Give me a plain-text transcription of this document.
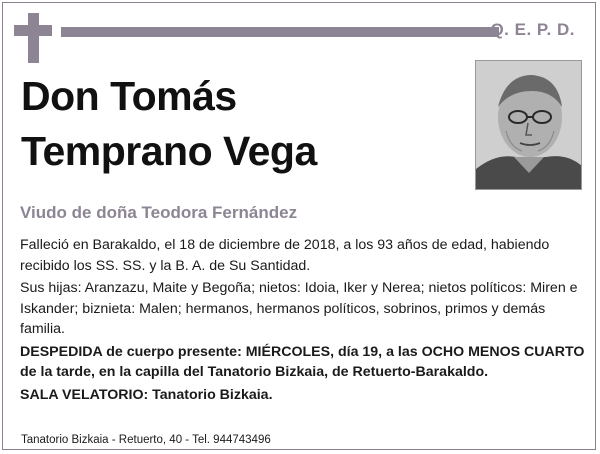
Q. E. P. D.
Don Tomás
Temprano Vega
Viudo de doña Teodora Fernández

Falleció en Barakaldo, el 18 de diciembre de 2018, a los 93 años de edad, habiendo recibido los SS. SS. y la B. A. de Su Santidad.

Sus hijas: Aranzazu, Maite y Begoña; nietos: Idoia, Iker y Nerea; nietos políticos: Miren e Iskander; biznieta: Malen; hermanos, hermanos políticos, sobrinos, primos y demás familia.

DESPEDIDA de cuerpo presente: MIÉRCOLES, día 19, a las OCHO MENOS CUARTO de la tarde, en la capilla del Tanatorio Bizkaia, de Retuerto-Barakaldo.

SALA VELATORIO: Tanatorio Bizkaia.

Tanatorio Bizkaia - Retuerto, 40 - Tel. 944743496
